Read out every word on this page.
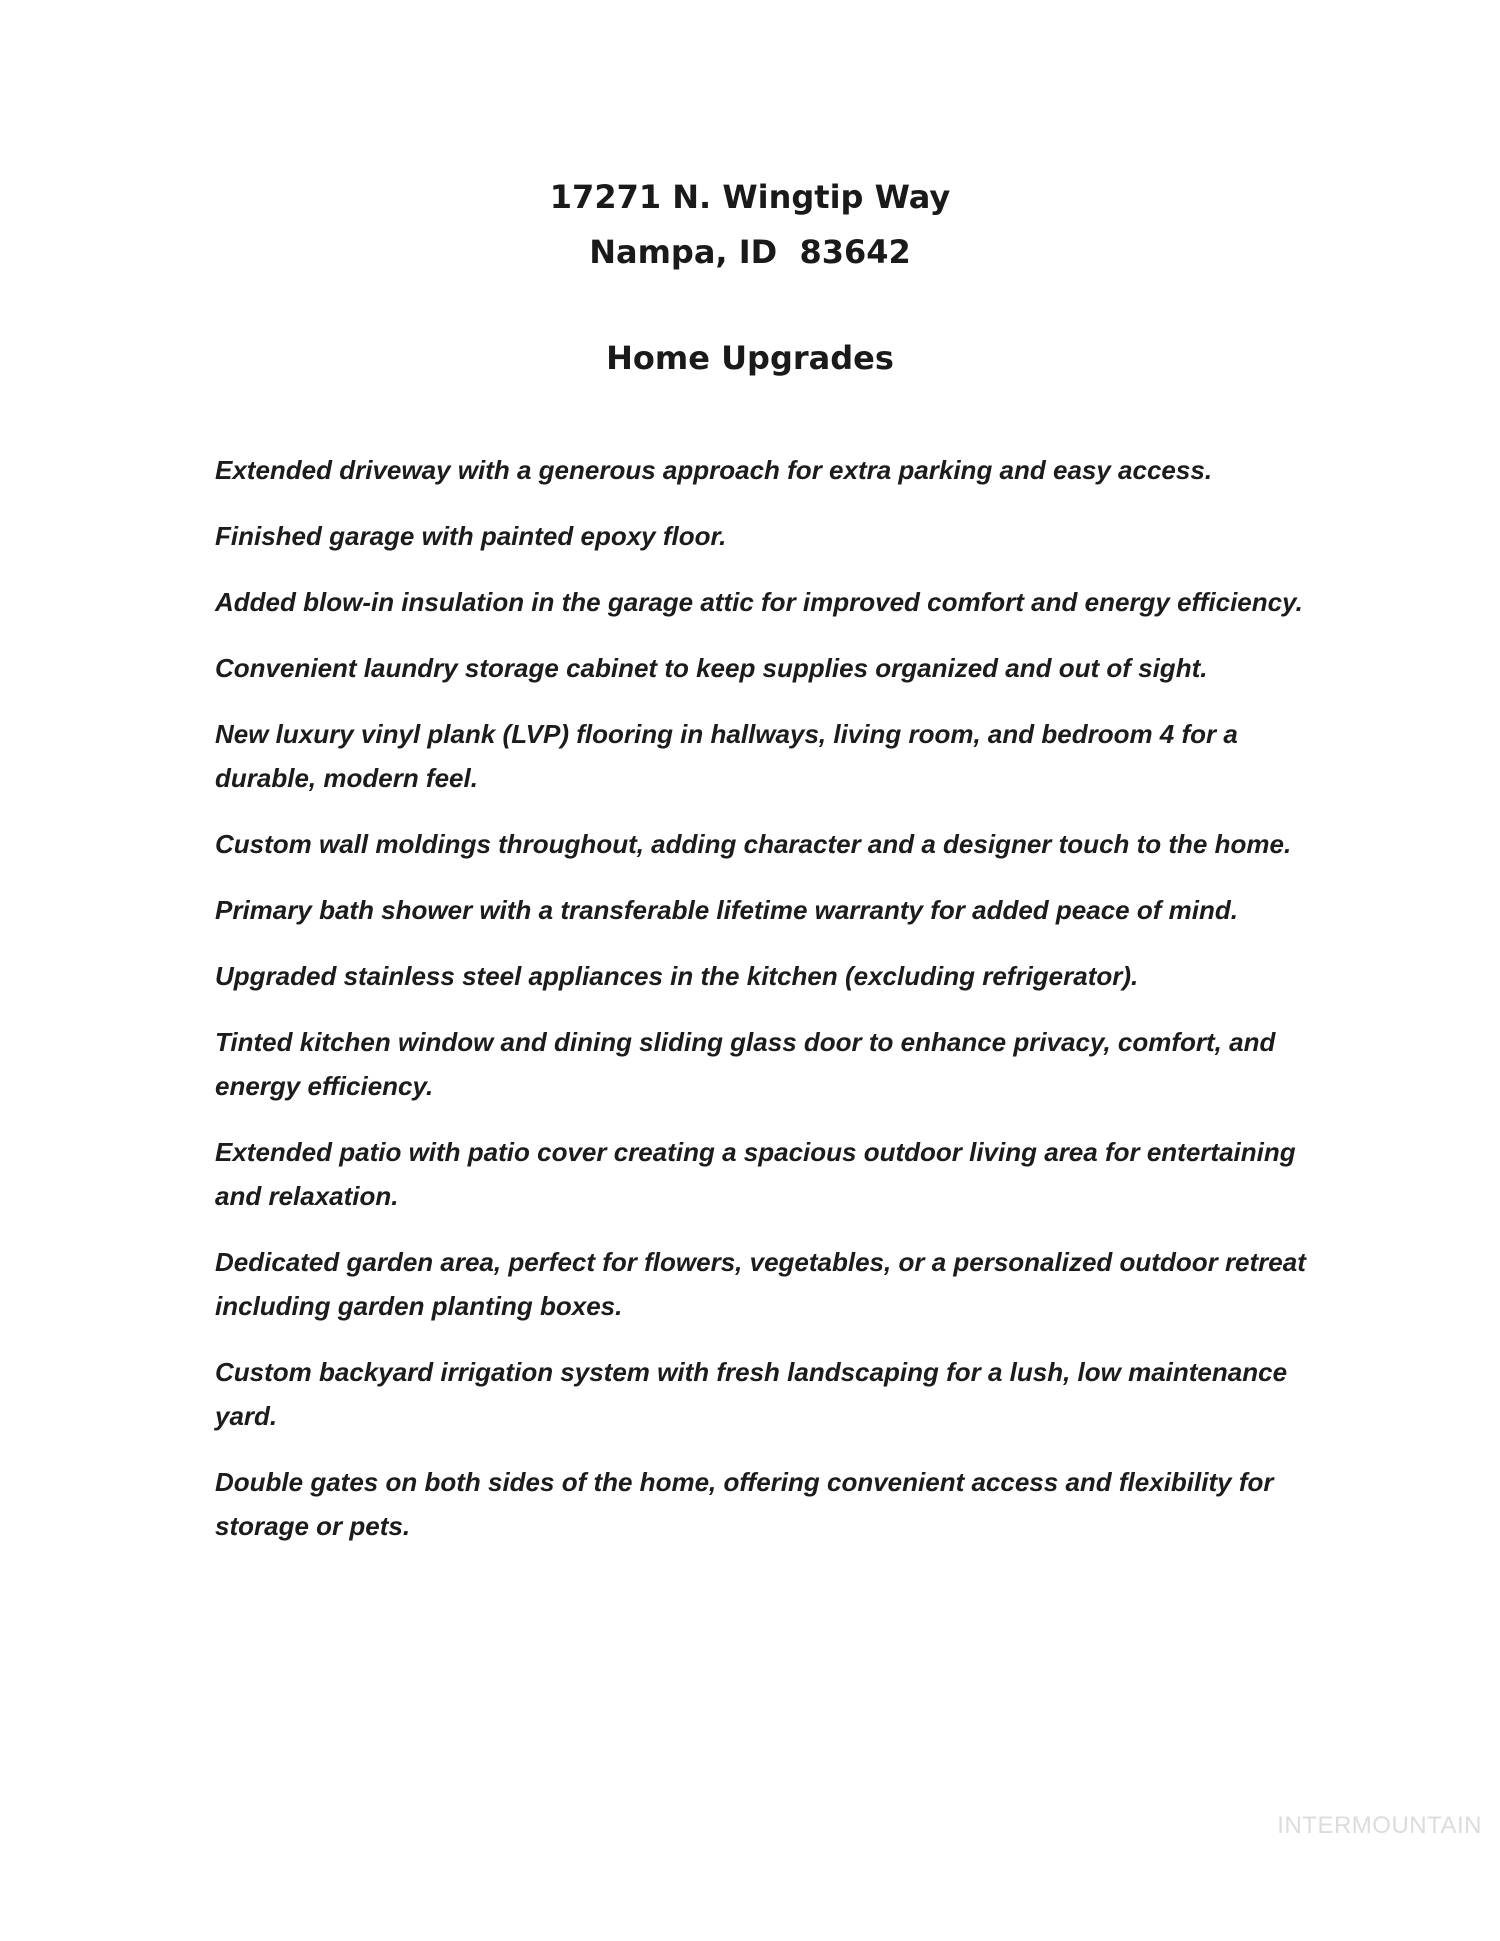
17271 N. Wingtip Way
Nampa, ID  83642
Home Upgrades
Extended driveway with a generous approach for extra parking and easy access.
Finished garage with painted epoxy floor.
Added blow-in insulation in the garage attic for improved comfort and energy efficiency.
Convenient laundry storage cabinet to keep supplies organized and out of sight.
New luxury vinyl plank (LVP) flooring in hallways, living room, and bedroom 4 for a durable, modern feel.
Custom wall moldings throughout, adding character and a designer touch to the home.
Primary bath shower with a transferable lifetime warranty for added peace of mind.
Upgraded stainless steel appliances in the kitchen (excluding refrigerator).
Tinted kitchen window and dining sliding glass door to enhance privacy, comfort, and energy efficiency.
Extended patio with patio cover creating a spacious outdoor living area for entertaining and relaxation.
Dedicated garden area, perfect for flowers, vegetables, or a personalized outdoor retreat including garden planting boxes.
Custom backyard irrigation system with fresh landscaping for a lush, low maintenance yard.
Double gates on both sides of the home, offering convenient access and flexibility for storage or pets.
INTERMOUNTAIN
